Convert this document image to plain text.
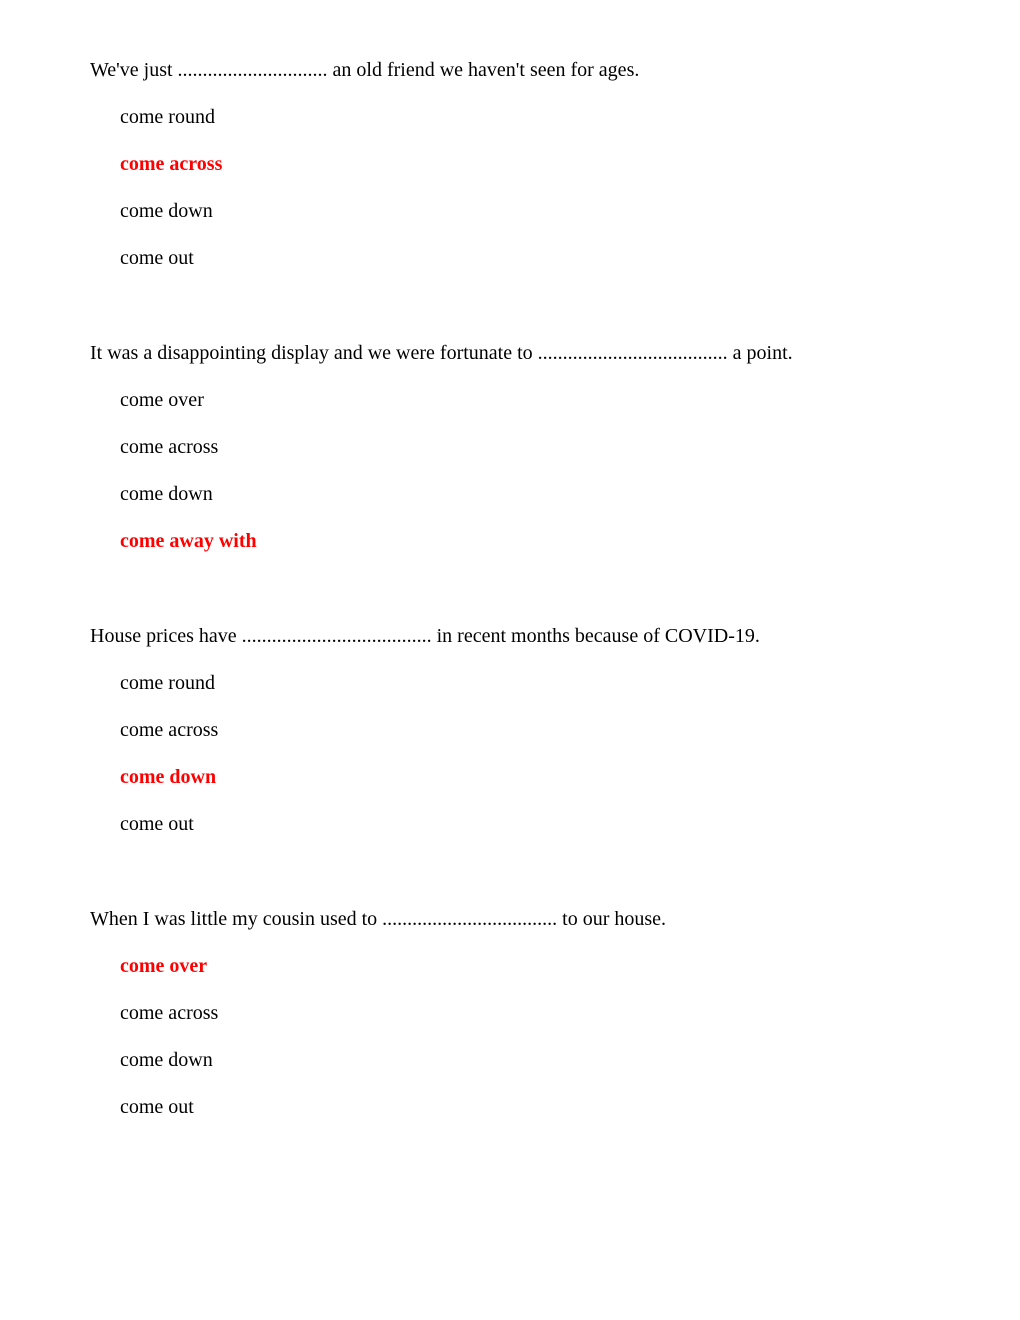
We've just .............................. an old friend we haven't seen for ages.
come round
come across
come down
come out
It was a disappointing display and we were fortunate to ...................................... a point.
come over
come across
come down
come away with
House prices have ...................................... in recent months because of COVID-19.
come round
come across
come down
come out
When I was little my cousin used to ................................... to our house.
come over
come across
come down
come out
